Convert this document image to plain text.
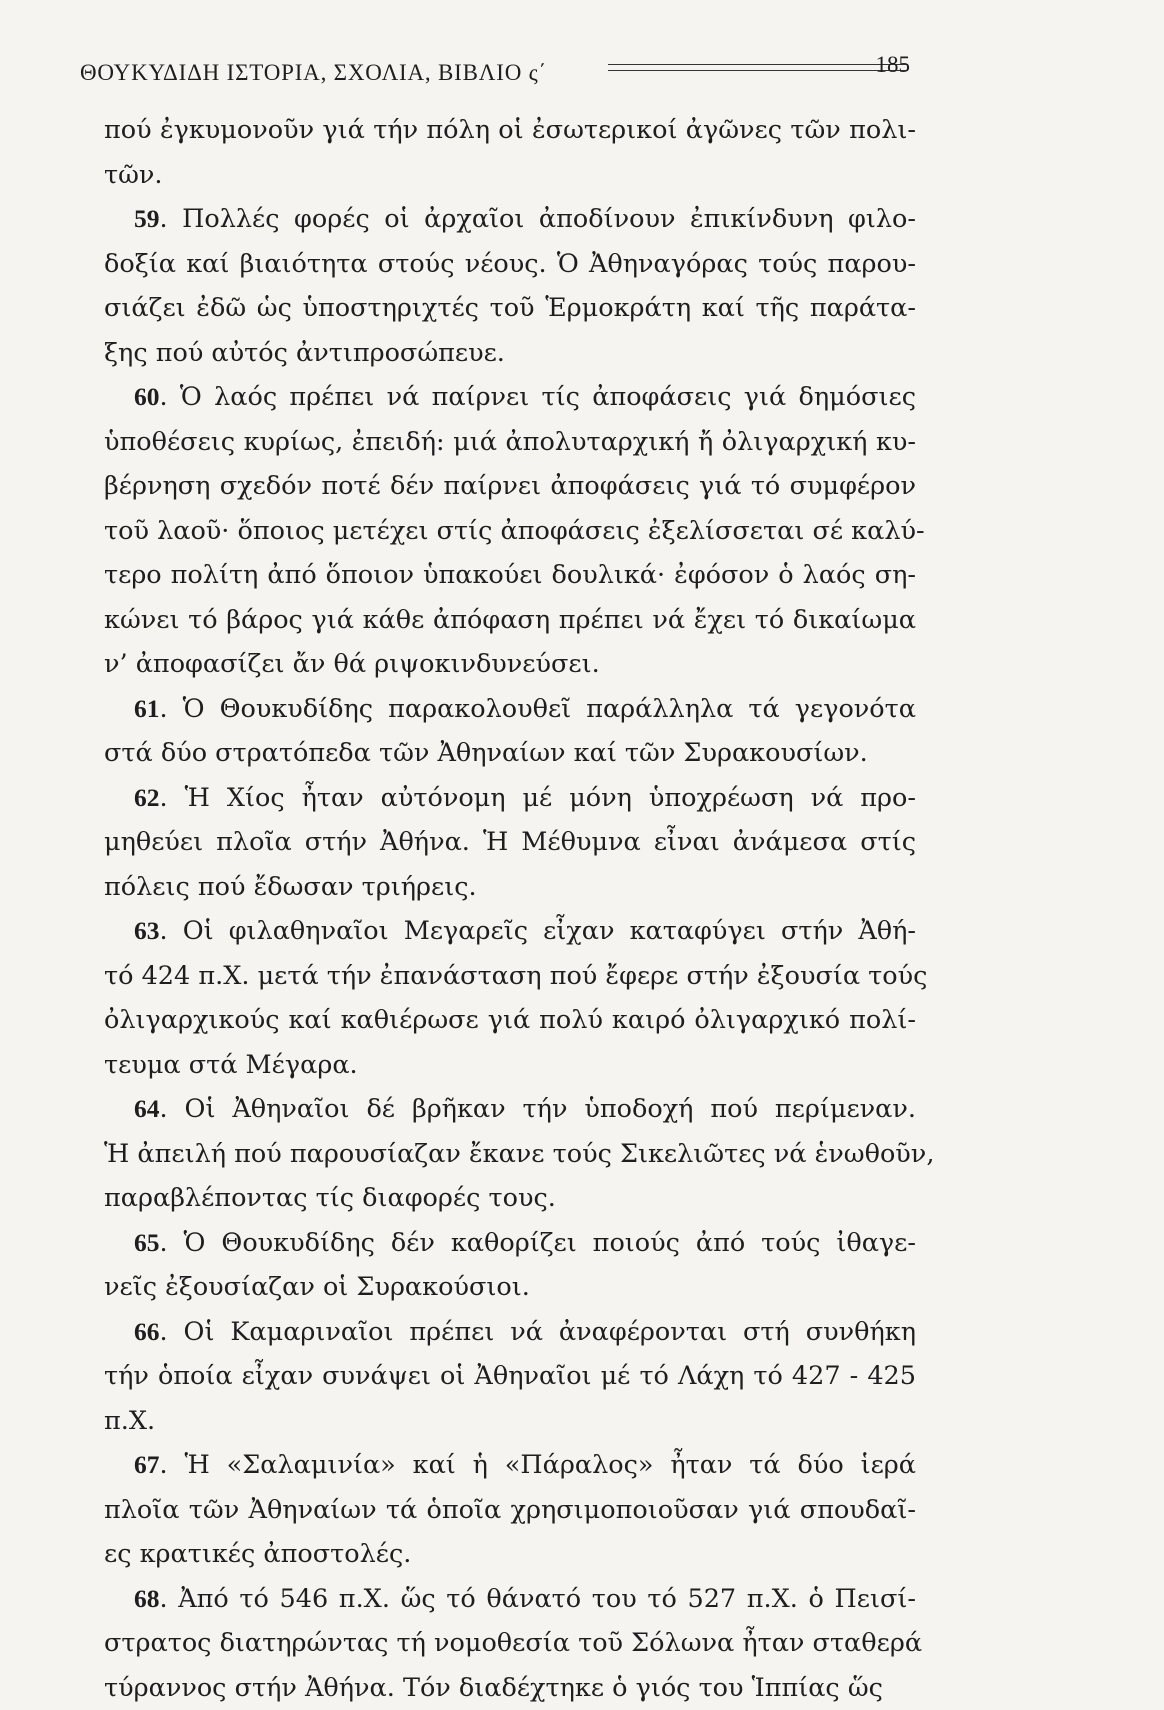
ΘΟΥΚΥΔΙΔΗ ΙΣΤΟΡΙΑ, ΣΧΟΛΙΑ, ΒΙΒΛΙΟ ς΄	185
πού ἐγκυμονοῦν γιά τήν πόλη οἱ ἐσωτερικοί ἀγῶνες τῶν πολι-
τῶν.
59. Πολλές φορές οἱ ἀρχαῖοι ἀποδίνουν ἐπικίνδυνη φιλο-
δοξία καί βιαιότητα στούς νέους. Ὁ Ἀθηναγόρας τούς παρου-
σιάζει ἐδῶ ὡς ὑποστηριχτές τοῦ Ἑρμοκράτη καί τῆς παράτα-
ξης πού αὐτός ἀντιπροσώπευε.
60. Ὁ λαός πρέπει νά παίρνει τίς ἀποφάσεις γιά δημόσιες
ὑποθέσεις κυρίως, ἐπειδή: μιά ἀπολυταρχική ἤ ὀλιγαρχική κυ-
βέρνηση σχεδόν ποτέ δέν παίρνει ἀποφάσεις γιά τό συμφέρον
τοῦ λαοῦ· ὅποιος μετέχει στίς ἀποφάσεις ἐξελίσσεται σέ καλύ-
τερο πολίτη ἀπό ὅποιον ὑπακούει δουλικά· ἐφόσον ὁ λαός ση-
κώνει τό βάρος γιά κάθε ἀπόφαση πρέπει νά ἔχει τό δικαίωμα
ν’ ἀποφασίζει ἄν θά ριψοκινδυνεύσει.
61. Ὁ Θουκυδίδης παρακολουθεῖ παράλληλα τά γεγονότα
στά δύο στρατόπεδα τῶν Ἀθηναίων καί τῶν Συρακουσίων.
62. Ἡ Χίος ἦταν αὐτόνομη μέ μόνη ὑποχρέωση νά προ-
μηθεύει πλοῖα στήν Ἀθήνα. Ἡ Μέθυμνα εἶναι ἀνάμεσα στίς
πόλεις πού ἔδωσαν τριήρεις.
63. Οἱ φιλαθηναῖοι Μεγαρεῖς εἶχαν καταφύγει στήν Ἀθή-
τό 424 π.Χ. μετά τήν ἐπανάσταση πού ἔφερε στήν ἐξουσία τούς
ὀλιγαρχικούς καί καθιέρωσε γιά πολύ καιρό ὀλιγαρχικό πολί-
τευμα στά Μέγαρα.
64. Οἱ Ἀθηναῖοι δέ βρῆκαν τήν ὑποδοχή πού περίμεναν.
Ἡ ἀπειλή πού παρουσίαζαν ἔκανε τούς Σικελιῶτες νά ἑνωθοῦν,
παραβλέποντας τίς διαφορές τους.
65. Ὁ Θουκυδίδης δέν καθορίζει ποιούς ἀπό τούς ἰθαγε-
νεῖς ἐξουσίαζαν οἱ Συρακούσιοι.
66. Οἱ Καμαριναῖοι πρέπει νά ἀναφέρονται στή συνθήκη
τήν ὁποία εἶχαν συνάψει οἱ Ἀθηναῖοι μέ τό Λάχη τό 427 - 425
π.Χ.
67. Ἡ «Σαλαμινία» καί ἡ «Πάραλος» ἦταν τά δύο ἱερά
πλοῖα τῶν Ἀθηναίων τά ὁποῖα χρησιμοποιοῦσαν γιά σπουδαῖ-
ες κρατικές ἀποστολές.
68. Ἀπό τό 546 π.Χ. ὥς τό θάνατό του τό 527 π.Χ. ὁ Πεισί-
στρατος διατηρώντας τή νομοθεσία τοῦ Σόλωνα ἦταν σταθερά
τύραννος στήν Ἀθήνα. Τόν διαδέχτηκε ὁ γιός του Ἱππίας ὥς
